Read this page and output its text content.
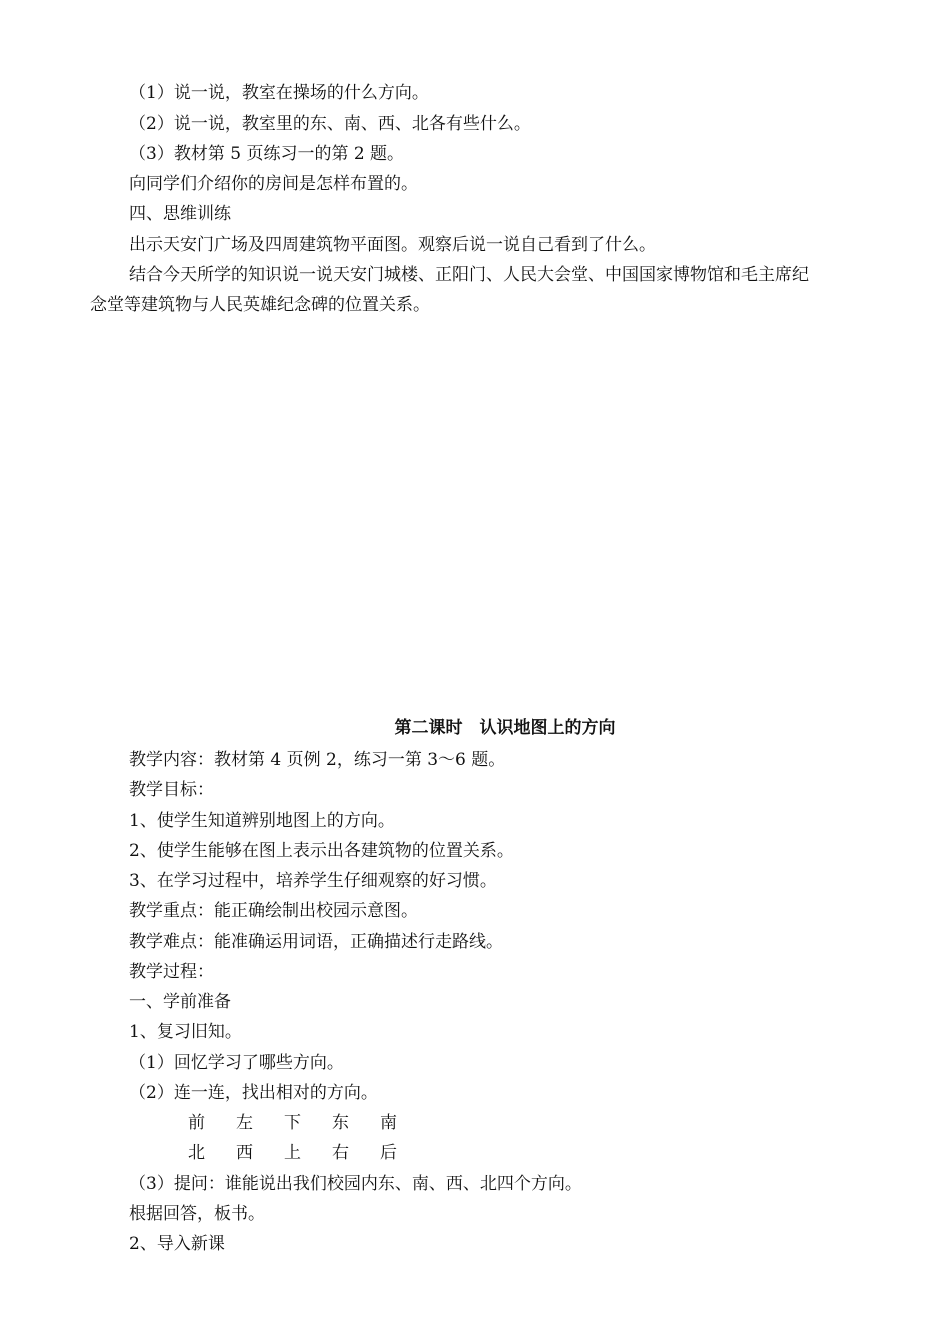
（1）说一说，教室在操场的什么方向。
（2）说一说，教室里的东、南、西、北各有些什么。
（3）教材第 5 页练习一的第 2 题。
向同学们介绍你的房间是怎样布置的。
四、思维训练
出示天安门广场及四周建筑物平面图。观察后说一说自己看到了什么。
结合今天所学的知识说一说天安门城楼、正阳门、人民大会堂、中国国家博物馆和毛主席纪
念堂等建筑物与人民英雄纪念碑的位置关系。
第二课时　认识地图上的方向
教学内容：教材第 4 页例 2，练习一第 3～6 题。
教学目标：
1、使学生知道辨别地图上的方向。
2、使学生能够在图上表示出各建筑物的位置关系。
3、在学习过程中，培养学生仔细观察的好习惯。
教学重点：能正确绘制出校园示意图。
教学难点：能准确运用词语，正确描述行走路线。
教学过程：
一、学前准备
1、复习旧知。
（1）回忆学习了哪些方向。
（2）连一连，找出相对的方向。
前 左 下 东 南
北 西 上 右 后
（3）提问：谁能说出我们校园内东、南、西、北四个方向。
根据回答，板书。
2、导入新课
